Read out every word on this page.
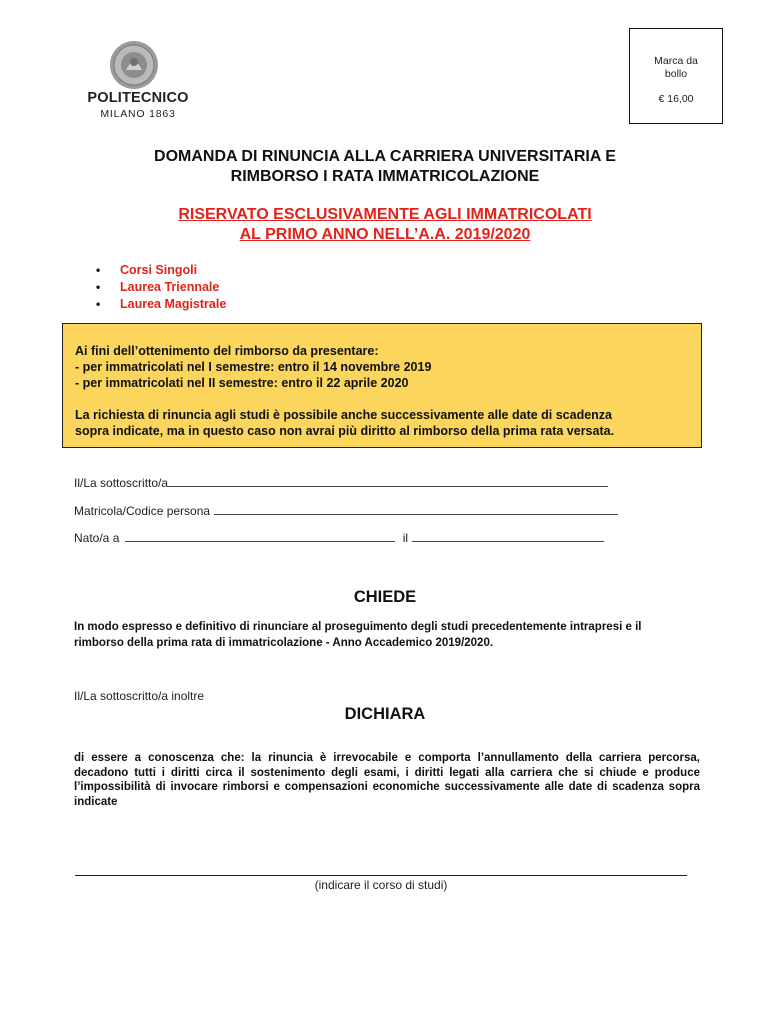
POLITECNICO
MILANO 1863
Marca da
bollo
€ 16,00
DOMANDA DI RINUNCIA ALLA CARRIERA UNIVERSITARIA E
RIMBORSO I RATA IMMATRICOLAZIONE
RISERVATO ESCLUSIVAMENTE AGLI IMMATRICOLATI
AL PRIMO ANNO NELL’A.A. 2019/2020
• Corsi Singoli
• Laurea Triennale
• Laurea Magistrale

Ai fini dell’ottenimento del rimborso da presentare:

- per immatricolati nel I semestre: entro il 14 novembre 2019

- per immatricolati nel II semestre: entro il 22 aprile 2020

La richiesta di rinuncia agli studi è possibile anche successivamente alle date di scadenza

sopra indicate, ma in questo caso non avrai più diritto al rimborso della prima rata versata.

Il/La sottoscritto/a
Matricola/Codice persona
Nato/a a	il
CHIEDE
In modo espresso e definitivo di rinunciare al proseguimento degli studi precedentemente intrapresi e il
rimborso della prima rata di immatricolazione - Anno Accademico 2019/2020.
Il/La sottoscritto/a inoltre
DICHIARA
di essere a conoscenza che: la rinuncia è irrevocabile e comporta l’annullamento della carriera percorsa, decadono tutti i diritti circa il sostenimento degli esami, i diritti legati alla carriera che si chiude e produce l’impossibilità di invocare rimborsi e compensazioni economiche successivamente alle date di scadenza sopra indicate
(indicare il corso di studi)
